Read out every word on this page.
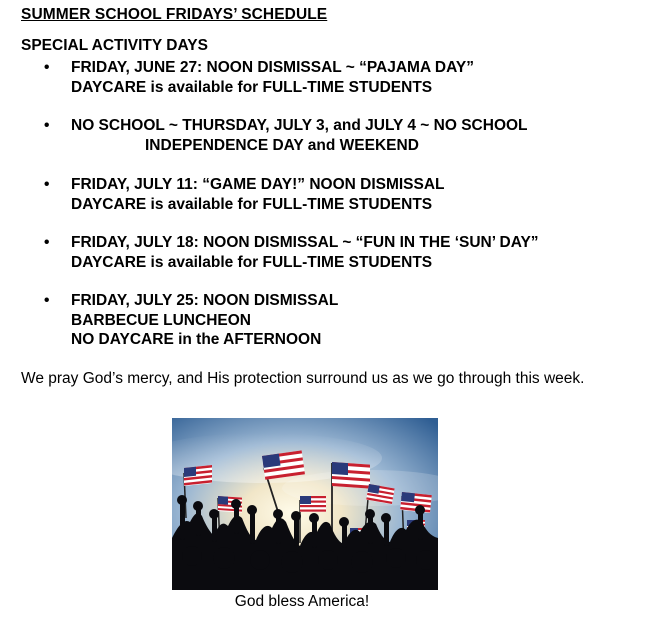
SUMMER SCHOOL FRIDAYS’ SCHEDULE
SPECIAL ACTIVITY DAYS
• FRIDAY, JUNE 27: NOON DISMISSAL ~ “PAJAMA DAY”
DAYCARE is available for FULL-TIME STUDENTS
• NO SCHOOL ~ THURSDAY, JULY 3, and JULY 4 ~ NO SCHOOL
INDEPENDENCE DAY and WEEKEND
• FRIDAY, JULY 11: “GAME DAY!” NOON DISMISSAL
DAYCARE is available for FULL-TIME STUDENTS
• FRIDAY, JULY 18: NOON DISMISSAL ~ “FUN IN THE ‘SUN’ DAY”
DAYCARE is available for FULL-TIME STUDENTS
• FRIDAY, JULY 25: NOON DISMISSAL
BARBECUE LUNCHEON
NO DAYCARE in the AFTERNOON
We pray God’s mercy, and His protection surround us as we go through this week.
God bless America!
